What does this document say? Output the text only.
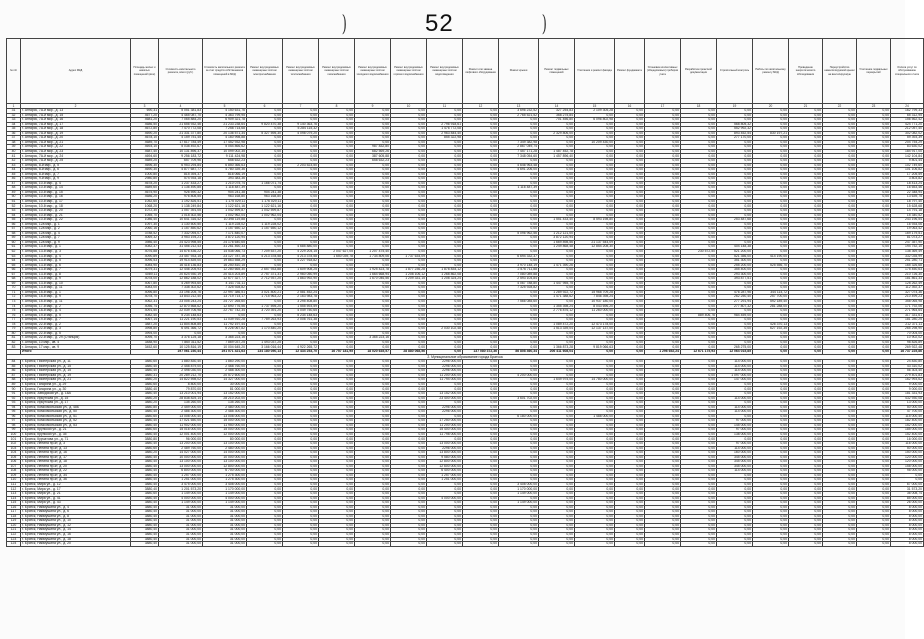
)	52	)
№ п/п	Адрес МКД	Площадь жилых и нежилых помещений (кв.м)	Стоимость капитального ремонта, всего (руб.)	Стоимость капитального ремонта за счет средств собственников помещений в МКД	Ремонт внутридомовых инженерных систем электроснабжения	Ремонт внутридомовых инженерных систем теплоснабжения	Ремонт внутридомовых инженерных систем газоснабжения	Ремонт внутридомовых инженерных систем холодного водоснабжения	Ремонт внутридомовых инженерных систем горячего водоснабжения	Ремонт внутридомовых инженерных систем водоотведения	Ремонт или замена лифтового оборудования	Ремонт крыши	Ремонт подвальных помещений	Утепление и ремонт фасада	Ремонт фундамента	Установка коллективных (общедомовых) приборов учета	Разработка проектной документации	Строительный контроль	Работы по капитальному ремонту МКД	Проведение энергетического обследования	Переустройство невентилируемой крыши на вентилируемую	Утепление подвальных перекрытий	Оплата услуг по обслуживанию специального счета
1	2	3	4	5	6	7	8	9	10	11	12	13	14	15	16	17	18	19	20	21	22	23	24
31	г. Ангарск, 7А-й мкр., д. 13	690,31	5 051 381,83	4 150 631,76	0,00	0,00	0,00	0,00	0,00	0,00	0,00	3 696 232,52	327 254,83	2 109 305,28	0,00	0,00	0,00	0,00	0,00	0,00	0,00	0,00	162 799,33
32	г. Ангарск, 7А-й мкр., д. 15	4677,20	4 465 087,70	4 363 799,95	0,00	0,00	0,00	0,00	0,00	0,00	0,00	2 765 521,52	368 275,84	0,00	0,00	0,00	0,00	0,00	0,00	0,00	0,00	0,00	65 312,95
33	г. Ангарск, 7А-й мкр., д. 16	4681,20	7 065 884,20	6 909 321,78	0,00	0,00	0,00	0,00	0,00	0,00	0,00	0,00	701 456,80	6 096 802,98	0,00	0,00	0,00	0,00	0,00	0,00	0,00	0,00	156 562,42
34	г. Ангарск, 7А-й мкр., д. 17	4686,50	21 656 932,46	21 233 238,64	9 820 470,38	9 140 363,76	0,00	0,00	0,00	2 796 918,61	0,00	0,00	0,00	0,00	0,00	0,00	0,00	568 805,32	0,00	0,00	0,00	0,00	424 771,20
35	г. Ангарск, 7А-й мкр., д. 18	4672,80	7 470 772,08	7 258 714,68	0,00	5 284 115,32	0,00	0,00	0,00	1 476 772,08	0,00	0,00	0,00	0,00	0,00	0,00	0,00	552 992,32	0,00	0,00	0,00	0,00	212 057,40
36	г. Ангарск, 7А-й мкр., д. 19	4690,20	21 331 377,80	20 136 571,34	5 327 595,30	4 098 079,20	0,00	0,00	0,00	2 963 844,40	0,00	0,00	2 329 806,00	0,00	0,00	0,00	0,00	893 452,54	830 197,21	0,00	0,00	0,00	302 082,02
37	г. Ангарск, 7А-й мкр., д. 20	4678,10	4 159 751,45	4 160 998,88	0,00	0,00	0,00	0,00	0,00	855 322,98	0,00	0,00	0,00	0,00	0,00	0,00	0,00	277 170,00	0,00	0,00	0,00	0,00	59 393,39
38	г. Ангарск, 7А-й мкр., д. 21	4689,70	17 617 784,49	17 452 932,98	0,00	0,00	0,00	0,00	0,00	0,00	0,00	7 349 382,98	0,00	10 209 430,00	0,00	0,00	0,00	0,00	0,00	0,00	0,00	0,00	204 754,29
39	г. Ангарск, 7А-й мкр., д. 22	4693,10	5 038 492,67	5 054 866,62	0,00	0,00	0,00	987 832,80	0,00	0,00	0,00	2 867 049,74	0,00	0,00	0,00	0,00	0,00	0,00	0,00	0,00	0,00	0,00	83 630,02
40	г. Ангарск, 7А-й мкр., д. 23	4687,40	10 131 896,37	10 099 002,35	0,00	0,00	0,00	682 569,26	0,00	0,00	0,00	7 457 171,28	1 487 452,78	0,00	0,00	0,00	0,00	0,00	0,00	0,00	0,00	0,00	184 917,00
41	г. Ангарск, 7А-й мкр., д. 24	4694,60	9 256 183,72	9 111 424,98	0,00	0,00	0,00	387 605,88	0,00	0,00	0,00	7 348 054,60	1 457 896,40	0,00	0,00	0,00	0,00	0,00	0,00	0,00	0,00	0,00	142 104,84
42	г. Ангарск, 7А-й мкр., д. 25	4689,20	657 709,96	658 632,23	0,00	0,00	0,00	658 632,23	0,00	0,00	0,00	0,00	0,00	0,00	0,00	0,00	0,00	0,00	0,00	0,00	0,00	0,00	9 801,44
43	г. Ангарск, 8-й мкр., д. 5	4696,30	6 953 294,84	6 850 366,63	0,00	2 203 523,50	0,00	0,00	0,00	0,00	0,00	4 646 963,48	0,00	0,00	0,00	0,00	0,00	0,00	0,00	0,00	0,00	0,00	102 749,60
44	г. Ангарск, 8-й мкр., д. 6	4690,30	4 877 687,77	4 780 339,36	0,00	0,00	0,00	0,00	0,00	0,00	0,00	4 691 206,00	0,00	0,00	0,00	0,00	0,00	0,00	0,00	0,00	0,00	0,00	101 106,82
45	г. Ангарск, 8-й мкр., д. 7	1000,80	815 394,37	816 066,19	0,00	0,00	0,00	0,00	0,00	0,00	0,00	0,00	0,00	0,00	0,00	0,00	0,00	0,00	0,00	0,00	0,00	0,00	17 205,59
46	г. Ангарск, 9-й мкр., д. 9	2980,80	574 934,18	393 383,36	0,00	0,00	0,00	0,00	0,00	0,00	0,00	0,00	0,00	0,00	0,00	0,00	0,00	0,00	0,00	0,00	0,00	0,00	3 803,82
47	г. Ангарск, 10-й мкр., д. 4	4678,20	1 237 433,27	1 210 075,74	1 166 071,74	0,00	0,00	0,00	0,00	0,00	0,00	0,00	0,00	0,00	0,00	0,00	0,00	0,00	0,00	0,00	0,00	0,00	18 413,24
48	г. Ангарск, 10-й мкр., д. 14	4689,60	1 136 490,85	1 116 487,39	0,00	0,00	0,00	0,00	0,00	0,00	0,00	1 116 487,39	0,00	0,00	0,00	0,00	0,00	0,00	0,00	0,00	0,00	0,00	16 653,46
49	г. Ангарск, 10-й мкр., д. 15	4675,90	926 590,32	904 241,38	904 241,38	0,00	0,00	0,00	0,00	0,00	0,00	0,00	0,00	0,00	0,00	0,00	0,00	0,00	0,00	0,00	0,00	0,00	22 348,94
50	г. Ангарск, 10-й мкр., д. 16	4686,20	976 808,55	963 168,80	963 168,80	0,00	0,00	0,00	0,00	0,00	0,00	0,00	0,00	0,00	0,00	0,00	0,00	0,00	0,00	0,00	0,00	0,00	13 639,75
51	г. Ангарск, 10-й мкр., д. 17	1052,60	1 192 826,51	1 175 029,11	1 176 029,11	0,00	0,00	0,00	0,00	0,00	0,00	0,00	0,00	0,00	0,00	0,00	0,00	0,00	0,00	0,00	0,00	0,00	18 797,40
52	г. Ангарск, 10-й мкр., д. 18	1068,20	1 138 249,84	1 122 621,16	1 122 621,16	0,00	0,00	0,00	0,00	0,00	0,00	0,00	0,00	0,00	0,00	0,00	0,00	0,00	0,00	0,00	0,00	0,00	15 628,68
53	г. Ангарск, 10-й мкр., д. 20	1072,30	1 057 391,05	1 042 599,87	1 042 599,87	0,00	0,00	0,00	0,00	0,00	0,00	0,00	0,00	0,00	0,00	0,00	0,00	0,00	0,00	0,00	0,00	0,00	14 791,18
54	г. Ангарск, 10-й мкр., д. 21	1055,70	1 018 302,56	1 002 962,04	1 002 962,04	0,00	0,00	0,00	0,00	0,00	0,00	0,00	0,00	0,00	0,00	0,00	0,00	0,00	0,00	0,00	0,00	0,00	15 340,52
55	г. Ангарск, 10-й мкр., д. 22	1086,40	10 641 316,42	10 398 119,88	0,00	0,00	0,00	0,00	0,00	0,00	0,00	0,00	1 551 433,40	8 593 198,80	0,00	0,00	0,00	253 487,68	0,00	0,00	0,00	0,00	243 196,54
56	г. Ангарск, 12а мкр., д. 1	1097,30	1 130 500,50	1 119 228,02	1 119 228,02	0,00	0,00	0,00	0,00	0,00	0,00	0,00	0,00	0,00	0,00	0,00	0,00	0,00	0,00	0,00	0,00	0,00	16 934,06
57	г. Ангарск, 12а мкр., д. 2	2060,16	1 157 850,62	1 157 650,12	1 157 650,12	0,00	0,00	0,00	0,00	0,00	0,00	0,00	0,00	0,00	0,00	0,00	0,00	0,00	0,00	0,00	0,00	0,00	19 063,42
58	г. Ангарск, 12а мкр., д. 4	3788,52	7 332 094,07	7 171 840,07	0,00	0,00	0,00	0,00	0,00	0,00	0,00	5 096 962,56	1 212 121,00	0,00	0,00	0,00	0,00	0,00	0,00	0,00	0,00	0,00	169 179,51
59	г. Ангарск, 12а мкр., д. 7	4069,32	3 953 194,21	3 872 120,94	0,00	0,00	0,00	0,00	0,00	0,00	0,00	0,00	3 872 120,94	0,00	0,00	0,00	0,00	0,00	0,00	0,00	0,00	0,00	81 073,27
60	г. Ангарск, 12а мкр., д. 9	3986,40	24 423 998,55	24 176 640,65	0,00	0,00	0,00	0,00	0,00	0,00	0,00	0,00	1 669 898,56	21 137 544,09	0,00	0,00	0,00	0,00	0,00	0,00	0,00	0,00	247 357,90
61	г. Ангарск, 13-й мкр., д. 1	4082,37	31 456 212,43	31 261 460,33	0,00	4 685 880,00	0,00	0,00	0,00	0,00	0,00	0,00	1 249 868,48	12 854 208,30	0,00	0,00	0,00	404 148,38	0,00	0,00	0,00	0,00	194 752,10
62	г. Ангарск, 13-й мкр., д. 3	4076,88	14 676 436,22	14 538 066,73	7 209 537,20	4 229 204,15	2 047 627,05	1 207 475,40	0,00	0,00	0,00	0,00	0,00	0,00	0,00	0,00	230 572,50	521 200,00	0,00	0,00	0,00	0,00	138 369,49
63	г. Ангарск, 13-й мкр., д. 4	4090,89	23 457 933,15	23 127 787,16	4 213 378,58	4 213 378,58	1 650 039,78	1 734 809,06	1 737 634,09	0,00	0,00	6 694 332,37	0,00	0,00	0,00	0,00	0,00	521 356,00	414 190,00	0,00	0,00	0,00	332 035,99
64	г. Ангарск, 13-й мкр., д. 5	4096,53	19 914 839,00	19 863 558,29	0,00	4 227 918,82	0,00	0,00	0,00	0,00	0,00	0,00	0,00	0,00	0,00	0,00	0,00	351 300,00	0,00	0,00	0,00	0,00	251 280,71
65	г. Ангарск, 13-й мкр., д. 6	4084,90	16 416 136,83	16 250 810,15	0,00	0,00	0,00	0,00	0,00	0,00	0,00	3 970 148,19	1 471 390,26	0,00	0,00	0,00	0,00	255 200,00	525 556,70	0,00	0,00	0,00	165 326,68
66	г. Ангарск, 13-й мкр., д. 7	4079,31	12 446 205,93	12 280 665,30	2 657 933,88	1 609 908,25	0,00	1 925 423,78	1 877 236,28	1 878 834,12	0,00	2 576 711,88	0,00	0,00	0,00	0,00	0,00	355 400,00	0,00	0,00	0,00	0,00	175 450,63
67	г. Ангарск, 13-й мкр., д. 8	4069,11	20 624 930,19	20 414 203,89	2 757 371,31	2 960 050,99	0,00	1 664 668,94	1 208 106,12	1 268 862,08	0,00	7 080 089,88	0,00	0,00	0,00	0,00	0,00	293 300,00	0,00	0,00	0,00	0,00	210 726,30
68	г. Ангарск, 13-й мкр., д. 9	4078,00	12 862 188,02	12 677 327,77	2 712 937,20	1 863 992,90	0,00	1 670 046,56	1 209 331,15	1 208 324,24	0,00	2 593 104,84	0,00	0,00	0,00	0,00	0,00	393 877,51	0,00	0,00	0,00	0,00	181 861,33
69	г. Ангарск, 13-й мкр., д. 10	4067,80	4 269 993,60	4 141 731,11	0,00	0,00	0,00	0,00	0,00	0,00	0,00	4 067 788,80	1 447 955,75	0,00	0,00	0,00	0,00	0,00	0,00	0,00	0,00	0,00	128 262,49
70	г. Ангарск, 13-й мкр., д. 11	4083,00	7 338 302,62	7 325 928,82	0,00	0,00	0,00	0,00	0,00	0,00	0,00	7 325 928,82	0,00	0,00	0,00	0,00	0,00	0,00	0,00	0,00	0,00	0,00	112 392,37
71	г. Ангарск, 15-й мкр., д. 1	4096,80	23 196 205,76	22 997 386,51	3 021 800,21	2 581 452,24	0,00	0,00	0,00	0,00	0,00	0,00	1 289 922,72	15 968 709,28	0,00	0,00	0,00	476 287,96	344 114,72	0,00	0,00	0,00	327 074,36
72	г. Ангарск, 15-й мкр., д. 9	4078,70	13 843 212,40	13 719 714,17	1 715 963,22	2 163 983,78	0,00	0,00	0,00	0,00	0,00	0,00	1 471 388,62	7 846 398,24	0,00	0,00	0,00	262 250,40	257 700,00	0,00	0,00	0,00	210 499,23
73	г. Ангарск, 15-й мкр., д. 11	4062,31	23 005 243,24	24 727 265,60	0,00	3 295 408,80	0,00	0,00	0,00	0,00	0,00	7 566 085,60	0,00	10 937 180,00	0,00	0,00	0,00	277 291,94	592 189,40	0,00	0,00	0,00	358 065,98
74	г. Ангарск, 17-й мкр., д. 2	4056,74	12 870 568,62	12 690 776,56	1 737 595,20	1 555 593,59	0,00	0,00	0,00	0,00	0,00	0,00	1 355 398,24	8 043 696,20	0,00	0,00	0,00	277 807,32	281 288,00	0,00	0,00	0,00	171 792,06
75	г. Ангарск, 18-й мкр., д. 4	4091,50	22 039 706,98	22 767 742,34	3 720 391,20	4 049 750,65	0,00	0,00	0,00	0,00	0,00	0,00	2 776 876,12	11 260 000,00	0,00	0,00	0,00	0,00	0,00	0,00	0,00	0,00	271 964,64
76	г. Ангарск, 19-й мкр., д. 5	4082,40	5 234 148,63	0,00	0,00	5 234 148,63	0,00	0,00	0,00	0,00	0,00	0,00	0,00	0,00	0,00	0,00	889 406,76	984 459,00	0,00	0,00	0,00	0,00	317 331,61
77	г. Ангарск, 19-й мкр., д. 7	4067,14	11 221 190,53	11 039 910,28	7 789 263,93	2 008 761,38	0,00	0,00	0,00	0,00	0,00	0,00	0,00	0,00	0,00	0,00	0,00	0,00	0,00	0,00	0,00	0,00	181 280,25
78	г. Ангарск, 22-й мкр., д. 2	3887,20	11 804 808,85	11 792 197,44	0,00	0,00	0,00	0,00	0,00	0,00	0,00	0,00	1 089 472,20	12 473 178,00	0,00	0,00	0,00	0,00	426 370,13	0,00	0,00	0,00	212 371,11
79	г. Ангарск, 22-й мкр., д. 3	3998,80	6 491 366,72	6 226 067,82	1 170 840,20	0,00	0,00	0,00	0,00	2 030 102,48	0,00	0,00	1 513 339,04	12 137 137,00	0,00	0,00	0,00	0,00	627 192,35	0,00	0,00	0,00	265 298,90
80	г. Ангарск, 22-й мкр., д. 5	3994,00	0,00	0,00	0,00	0,00	0,00	0,00	0,00	0,00	0,00	0,00	0,00	0,00	0,00	0,00	0,00	0,00	0,00	0,00	0,00	0,00	70 004,00
81	г. Ангарск, 22-й мкр., д. 29 (Станция)	4095,70	3 376 125,18	3 365 223,16	0,00	0,00	0,00	3 365 223,16	0,00	0,00	0,00	0,00	0,00	0,00	0,00	0,00	0,00	0,00	0,00	0,00	0,00	0,00	10 902,02
82	г. Ангарск, 10 мкр., кв. 4	3488,90	7 860 311,52	7 869 037,25	1 493 037,25	0,00	0,00	0,00	0,00	0,00	0,00	0,00	0,00	0,00	0,00	0,00	0,00	0,00	0,00	0,00	0,00	0,00	98 826,89
83	г. Ангарск, 17 мкр., кв. 9	3452,60	10 125 816,19	10 004 645,20	3 166 016,44	4 922 265,72	0,00	0,00	0,00	0,00	0,00	0,00	1 366 873,28	9 819 066,63	0,00	0,00	0,00	265 275,00	0,00	0,00	0,00	0,00	269 922,48
	Итого		197 061 230,44	191 071 421,63	134 180 050,13	12 434 253,70	16 757 181,95	18 020 635,57	28 880 068,56	0,00	137 080 372,36	86 808 460,34	206 411 608,04	0,00	0,00	1 296 652,24	12 671 175,93	12 064 015,85	0,00	0,00	0,00	0,00	16 737 225,86
2. Муниципальное образование города Братска																							
84	г. Братск, Пионерская ул., д. 11	3880,60	1 880 830,40	1 860 290,00	0,00	0,00	0,00	0,00	0,00	2296 000,00	0,00	0,00	0,00	0,00	0,00	0,00	0,00	114 000,00	0,00	0,00	0,00	0,00	24 830,80
85	г. Братск, Пионерская ул., д. 15	3880,40	2 458 879,00	2 468 760,00	0,00	0,00	0,00	0,00	0,00	2296 000,00	0,00	0,00	0,00	0,00	0,00	0,00	0,00	114 000,00	0,00	0,00	0,00	0,00	43 310,02
86	г. Братск, Пионерская ул., д. 15	3880,40	2 498 030,00	2 488 300,00	0,00	0,00	0,00	0,00	0,00	2296 000,00	0,00	0,00	0,00	0,00	0,00	0,00	0,00	114 000,00	0,00	0,00	0,00	0,00	56 303,40
87	г. Братск, Пионерская ул., д. 19	3880,31	20 289 212,70	20 572 600,00	0,00	0,00	0,00	0,00	0,00	11 200 000,00	0,00	4 200 000,00	0,00	0,00	0,00	0,00	0,00	1 097 000,00	0,00	0,00	0,00	0,00	279 401,83
88	г. Братск, Пионерская ул., д. 21	3880,20	14 822 598,02	14 327 000,00	0,00	0,00	0,00	0,00	0,00	11 794 000,00	0,00	0,00	1 649 975,00	14 780 000,00	0,00	0,00	0,00	147 000,00	0,00	0,00	0,00	0,00	162 993,62
89	г. Братск, Гагарина ул., д. 29	3880,60	8 800,00	30 000,00	0,00	0,00	0,00	0,00	0,00	0,00	0,00	0,00	0,00	0,00	0,00	0,00	0,00	0,00	0,00	0,00	0,00	0,00	9 000,00
90	г. Братск, Гагарина ул., д. 30	3880,40	79 870,00	81 000,00	0,00	0,00	0,00	0,00	0,00	0,00	0,00	0,00	0,00	0,00	0,00	0,00	0,00	0,00	0,00	0,00	0,00	0,00	9 000,00
91	г. Братск, Заводская ул., д. 18А	3880,40	13 210 001,94	13 152 000,00	0,00	0,00	0,00	0,00	0,00	13 152 000,00	0,00	0,00	0,00	0,00	0,00	0,00	0,00	0,00	0,00	0,00	0,00	0,00	181 331,93
92	г. Братск, Иркутская ул., д. 15	3880,20	28 838 825,14	28 210 202,00	0,00	0,00	0,00	0,00	0,00	23 400 000,00	0,00	3 601 702,00	0,00	0,00	0,00	0,00	0,00	114 000,00	0,00	0,00	0,00	0,00	432 930,08
93	г. Братск, Иркутская ул., д. 17	3880,20	135 260,00	135 260,00	0,00	0,00	0,00	0,00	0,00	0,00	0,00	0,00	0,00	0,00	0,00	0,00	0,00	0,00	0,00	0,00	0,00	0,00	13 000,00
94	г. Братск, Комсомольская ул., д. 48Б	3880,80	2 459 000,00	2 480 000,00	0,00	0,00	0,00	0,00	0,00	2296 000,00	0,00	0,00	0,00	0,00	0,00	0,00	0,00	114 000,00	0,00	0,00	0,00	0,00	50 000,00
95	г. Братск, Комсомольская ул., д. 50	3880,40	2 486 300,00	2 488 300,00	0,00	0,00	0,00	0,00	0,00	2296 000,00	0,00	0,00	0,00	0,00	0,00	0,00	0,00	114 000,00	0,00	0,00	0,00	0,00	47 700,00
96	г. Братск, Комсомольская ул., д. 51	3880,60	13 008 000,40	13 008 000,00	0,00	0,00	0,00	0,00	0,00	0,00	0,00	6 180 000,00	0,00	1 488 000,00	0,00	0,00	0,00	0,00	0,00	0,00	0,00	0,00	115 000,40
97	г. Братск, Комсомольская ул., д. 52	3880,40	17 021 650,00	15 000 000,00	0,00	0,00	0,00	0,00	0,00	17 250 000,00	0,00	0,00	0,00	0,00	0,00	0,00	0,00	97 000,00	0,00	0,00	0,00	0,00	182 400,00
98	г. Братск, Комсомольская ул., д. 53	3880,40	11 902 000,00	11 950 000,00	0,00	0,00	0,00	0,00	0,00	11 200 000,00	0,00	0,00	0,00	0,00	0,00	0,00	0,00	145 000,00	0,00	0,00	0,00	0,00	152 000,00
99	г. Братск, Крупской ул., д. 21	3880,60	15 016 000,00	15 000 000,00	0,00	0,00	0,00	0,00	0,00	15 400 000,00	0,00	0,00	0,00	0,00	0,00	0,00	0,00	97 000,00	0,00	0,00	0,00	0,00	185 000,00
100	г. Братск, Крупской ул., д. 35	3880,40	12 001 400,00	12 000 000,00	0,00	0,00	0,00	0,00	0,00	11 798 000,00	0,00	0,00	0,00	0,00	0,00	0,00	0,00	138 000,00	0,00	0,00	0,00	0,00	152 400,00
101	г. Братск, Курчатова ул., д. 71	3880,80	96 000,00	80 000,00	0,00	0,00	0,00	0,00	0,00	0,00	0,00	0,00	0,00	0,00	0,00	0,00	0,00	0,00	0,00	0,00	0,00	0,00	16 000,00
102	г. Братск, Ленина пр-кт, д. 3	3880,40	13 200 000,00	13 100 000,00	0,00	0,00	0,00	0,00	0,00	13 000 000,00	0,00	0,00	0,00	0,00	0,00	0,00	0,00	97 000,00	0,00	0,00	0,00	0,00	116 000,00
103	г. Братск, Ленина пр-кт, д. 13	3880,60	2 489 760,00	2 480 000,00	0,00	0,00	0,00	0,00	0,00	2296 000,00	0,00	0,00	0,00	0,00	0,00	0,00	0,00	114 000,00	0,00	0,00	0,00	0,00	50 000,00
104	г. Братск, Ленина пр-кт, д. 16	3880,20	14 027 000,00	14 000 000,00	0,00	0,00	0,00	0,00	0,00	13 800 000,00	0,00	0,00	0,00	0,00	0,00	0,00	0,00	160 000,00	0,00	0,00	0,00	0,00	150 000,00
105	г. Братск, Ленина пр-кт, д. 17	3880,40	10 000 000,00	10 000 000,00	0,00	0,00	0,00	0,00	0,00	9 580 000,00	0,00	0,00	0,00	0,00	0,00	0,00	0,00	345 000,00	0,00	0,00	0,00	0,00	120 000,00
106	г. Братск, Ленина пр-кт, д. 18	3880,40	13 100 000,00	13 100 000,00	0,00	0,00	0,00	0,00	0,00	12 800 000,00	0,00	0,00	0,00	0,00	0,00	0,00	0,00	345 000,00	0,00	0,00	0,00	0,00	120 000,00
107	г. Братск, Ленина пр-кт, д. 20	3880,40	13 000 000,00	12 800 000,00	0,00	0,00	0,00	0,00	0,00	12 600 000,00	0,00	0,00	0,00	0,00	0,00	0,00	0,00	345 000,00	0,00	0,00	0,00	0,00	158 000,00
108	г. Братск, Ленина пр-кт, д. 22	3880,40	6 800 000,00	6 700 000,00	0,00	0,00	0,00	0,00	0,00	6 400 000,00	0,00	0,00	0,00	0,00	0,00	0,00	0,00	114 000,00	0,00	0,00	0,00	0,00	98 000,00
109	г. Братск, Ленина пр-кт, д. 34	3880,40	1 257 000,00	1 275 300,00	0,00	0,00	0,00	0,00	0,00	1 257 000,00	0,00	0,00	0,00	0,00	0,00	0,00	0,00	0,00	0,00	0,00	0,00	0,00	0,00
110	г. Братск, Ленина пр-кт, д. 36	3880,40	1 251 000,00	1 275 300,00	0,00	0,00	0,00	0,00	0,00	1 251 000,00	0,00	0,00	0,00	0,00	0,00	0,00	0,00	0,00	0,00	0,00	0,00	0,00	0,00
111	г. Братск, Мира ул., д. 12	3880,40	3 475 000,00	3 408 000,00	0,00	0,00	0,00	0,00	0,00	0,00	0,00	3 408 000,00	0,00	0,00	0,00	0,00	0,00	0,00	0,00	0,00	0,00	0,00	67 000,00
112	г. Братск, Мира ул., д. 17	3880,40	1 201 573,20	1 170 000,00	0,00	0,00	0,00	0,00	0,00	0,00	0,00	1 170 000,00	0,00	0,00	0,00	0,00	0,00	0,00	0,00	0,00	0,00	0,00	31 573,20
113	г. Братск, Мира ул., д. 21	3880,60	1 149 000,00	1 149 000,00	0,00	0,00	0,00	0,00	0,00	0,00	0,00	1 149 000,00	0,00	0,00	0,00	0,00	0,00	0,00	0,00	0,00	0,00	0,00	36 008,74
114	г. Братск, Мира ул., д. 41	3880,40	4 000 000,00	4 000 000,00	0,00	0,00	0,00	0,00	0,00	4 000 000,00	0,00	0,00	0,00	0,00	0,00	0,00	0,00	0,00	0,00	0,00	0,00	0,00	85 000,00
115	г. Братск, Мира ул., д. 43	3880,40	1 149 000,00	1 149 000,00	0,00	0,00	0,00	0,00	0,00	0,00	0,00	1 149 000,00	0,00	0,00	0,00	0,00	0,00	0,00	0,00	0,00	0,00	0,00	26 000,00
116	г. Братск, Наймушина ул., д. 4	3880,40	31 000,00	31 000,00	0,00	0,00	0,00	0,00	0,00	0,00	0,00	0,00	0,00	0,00	0,00	0,00	0,00	0,00	0,00	0,00	0,00	0,00	8 000,00
117	г. Братск, Наймушина ул., д. 6	3880,40	31 000,00	31 000,00	0,00	0,00	0,00	0,00	0,00	0,00	0,00	0,00	0,00	0,00	0,00	0,00	0,00	0,00	0,00	0,00	0,00	0,00	8 000,00
118	г. Братск, Наймушина ул., д. 8	3880,40	31 000,00	31 000,00	0,00	0,00	0,00	0,00	0,00	0,00	0,00	0,00	0,00	0,00	0,00	0,00	0,00	0,00	0,00	0,00	0,00	0,00	8 000,00
119	г. Братск, Наймушина ул., д. 10	3880,40	31 000,00	31 000,00	0,00	0,00	0,00	0,00	0,00	0,00	0,00	0,00	0,00	0,00	0,00	0,00	0,00	0,00	0,00	0,00	0,00	0,00	8 000,00
120	г. Братск, Наймушина ул., д. 12	3880,40	31 000,00	31 000,00	0,00	0,00	0,00	0,00	0,00	0,00	0,00	0,00	0,00	0,00	0,00	0,00	0,00	0,00	0,00	0,00	0,00	0,00	8 000,00
121	г. Братск, Наймушина ул., д. 14	3880,40	31 000,00	31 000,00	0,00	0,00	0,00	0,00	0,00	0,00	0,00	0,00	0,00	0,00	0,00	0,00	0,00	0,00	0,00	0,00	0,00	0,00	8 000,00
122	г. Братск, Наймушина ул., д. 16	3880,40	31 000,00	31 000,00	0,00	0,00	0,00	0,00	0,00	0,00	0,00	0,00	0,00	0,00	0,00	0,00	0,00	0,00	0,00	0,00	0,00	0,00	8 000,00
123	г. Братск, Наймушина ул., д. 18	3880,40	31 000,00	31 000,00	0,00	0,00	0,00	0,00	0,00	0,00	0,00	0,00	0,00	0,00	0,00	0,00	0,00	0,00	0,00	0,00	0,00	0,00	8 000,00
124	г. Братск, Наймушина ул., д. 20	3880,40	31 000,00	31 000,00	0,00	0,00	0,00	0,00	0,00	0,00	0,00	0,00	0,00	0,00	0,00	0,00	0,00	0,00	0,00	0,00	0,00	0,00	8 000,00
